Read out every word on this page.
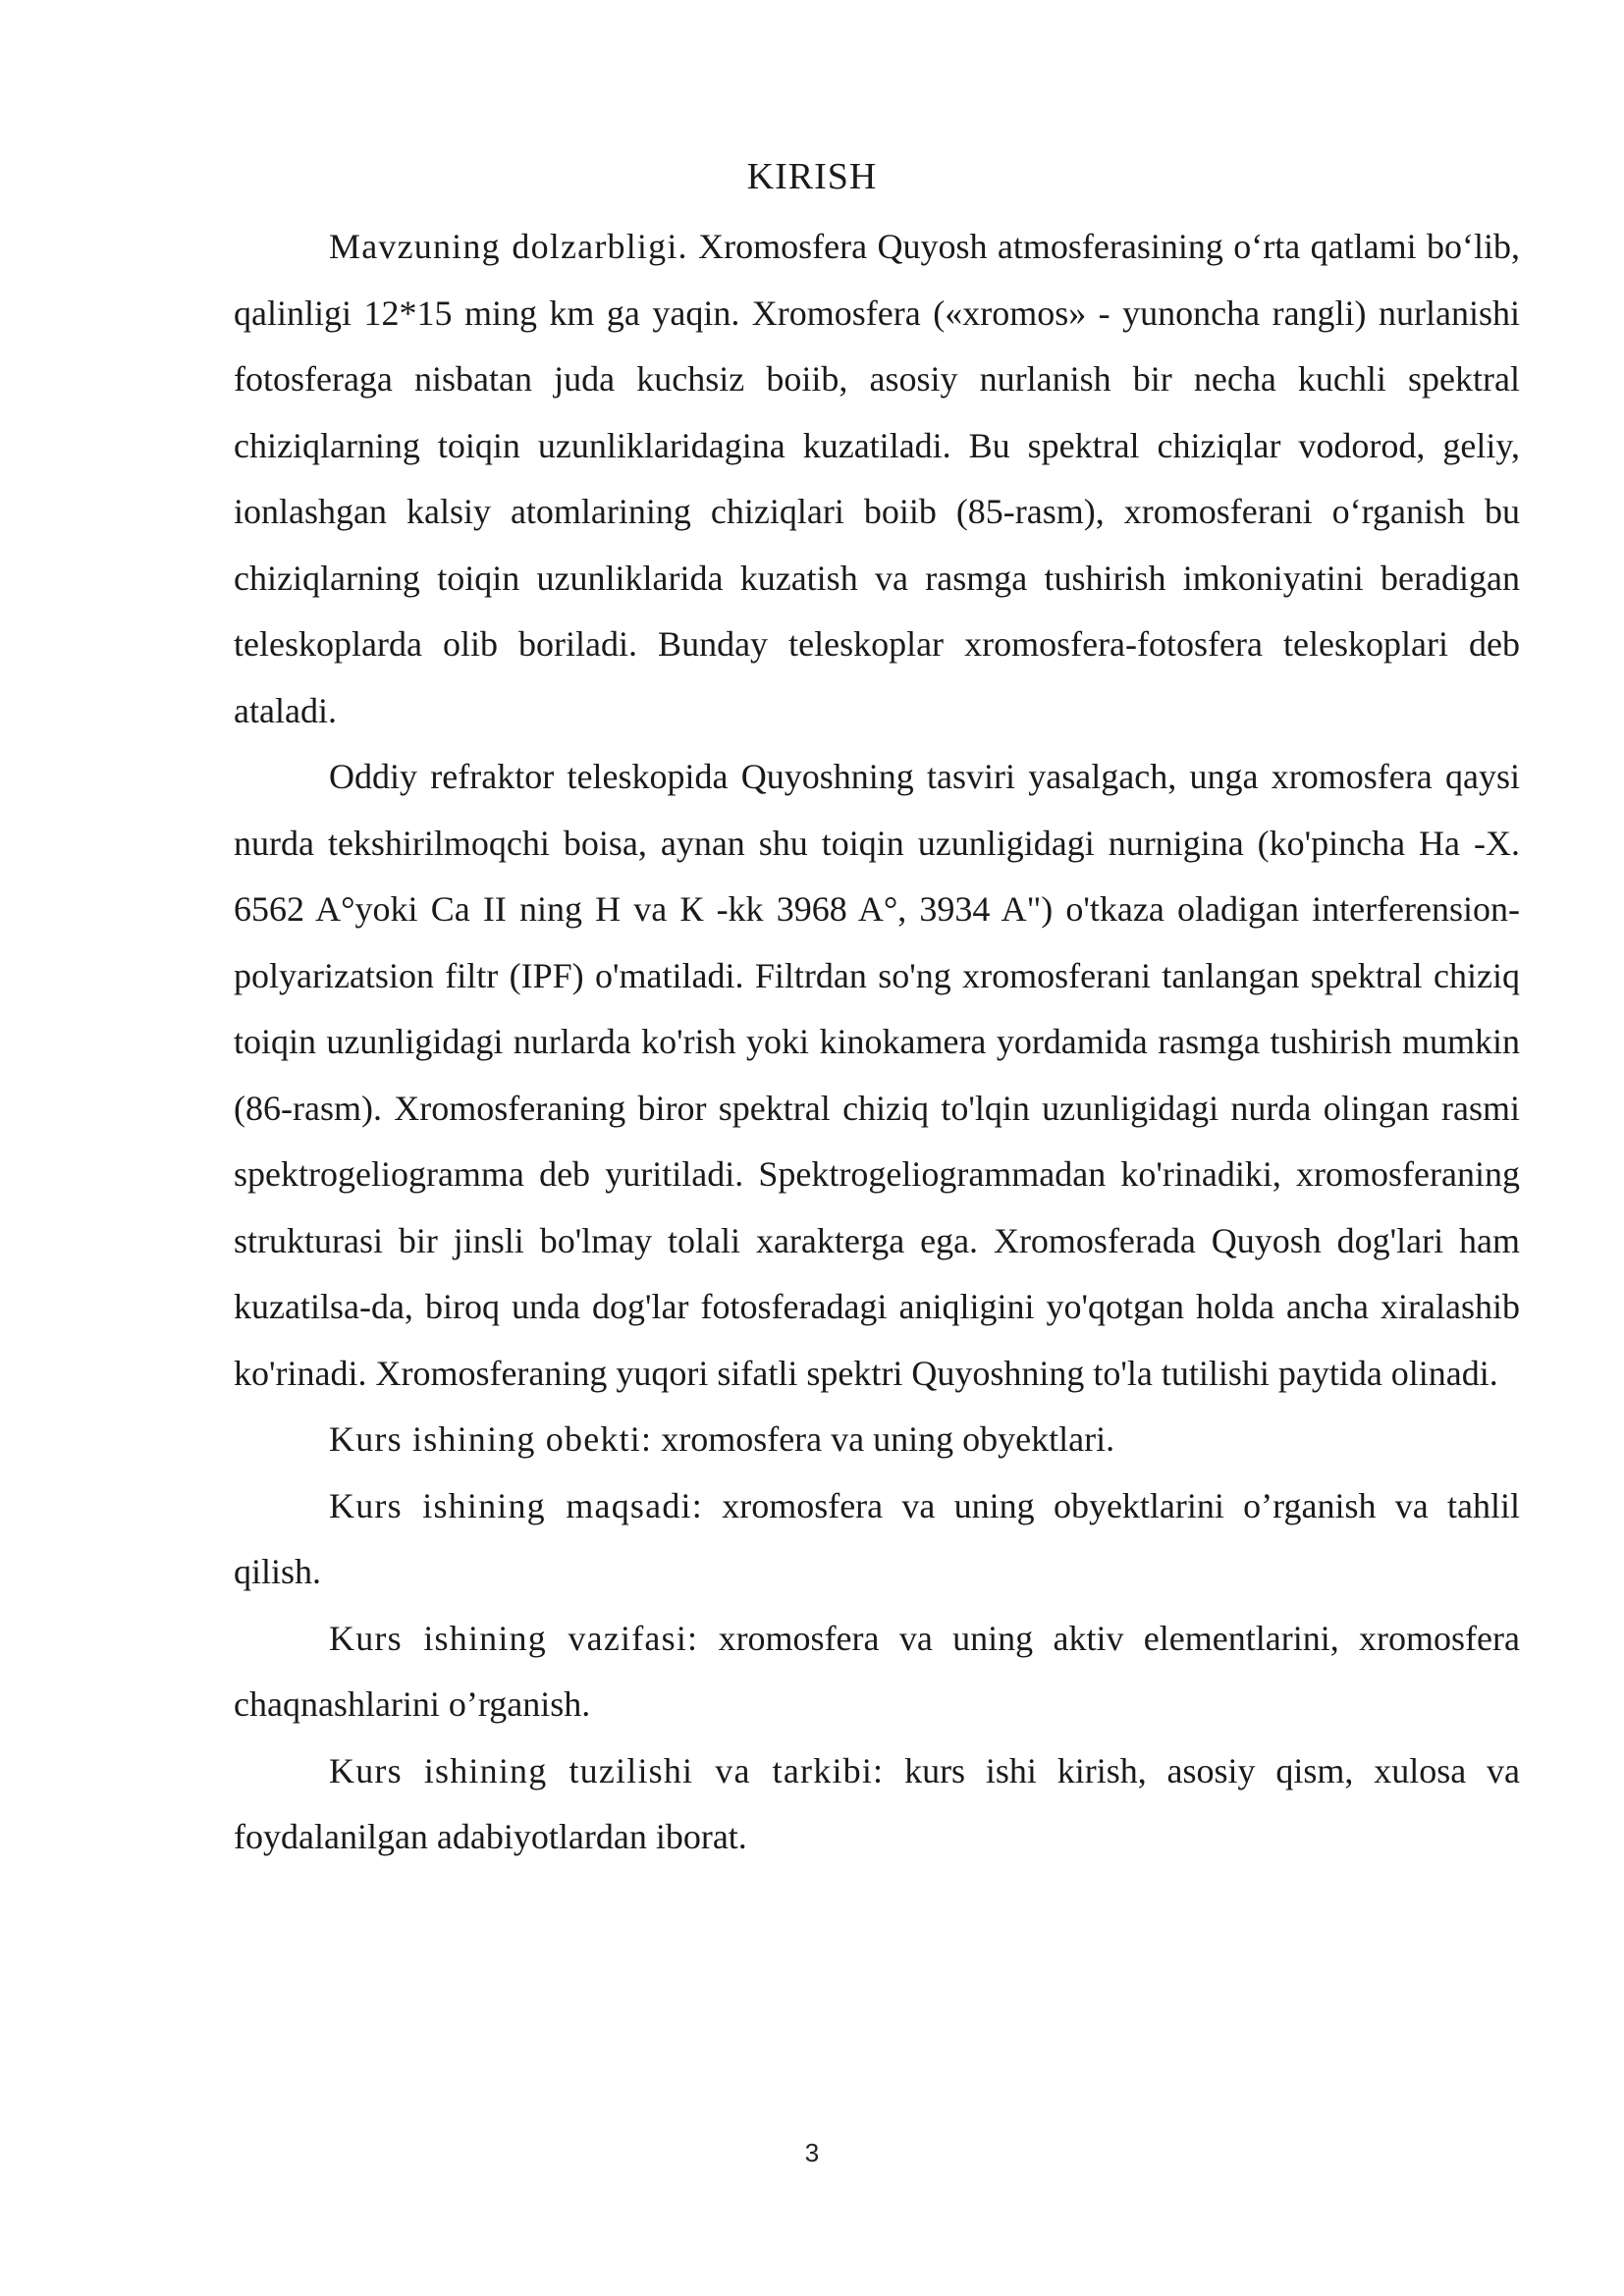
KIRISH

Mavzuning dolzarbligi. Xromosfera Quyosh atmosferasining o‘rta qatlami bo‘lib, qalinligi 12*15 ming km ga yaqin. Xromosfera («xromos» - yunoncha rangli) nurlanishi fotosferaga nisbatan juda kuchsiz boiib, asosiy nurlanish bir necha kuchli spektral chiziqlarning toiqin uzunliklaridagina kuzatiladi. Bu spektral chiziqlar vodorod, geliy, ionlashgan kalsiy atomlarining chiziqlari boiib (85-rasm), xromosferani o‘rganish bu chiziqlarning toiqin uzunliklarida kuzatish va rasmga tushirish imkoniyatini beradigan teleskoplarda olib boriladi. Bunday teleskoplar xromosfera-fotosfera teleskoplari deb ataladi.

Oddiy refraktor teleskopida Quyoshning tasviri yasalgach, unga xromosfera qaysi nurda tekshirilmoqchi boisa, aynan shu toiqin uzunligidagi nurnigina (ko'pincha Ha -X. 6562 A°yoki Ca II ning H va К -kk 3968 A°, 3934 A") o'tkaza oladigan interferension-polyarizatsion filtr (IPF) o'matiladi. Filtrdan so'ng xromosferani tanlangan spektral chiziq toiqin uzunligidagi nurlarda ko'rish yoki kinokamera yordamida rasmga tushirish mumkin (86-rasm). Xromosferaning biror spektral chiziq to'lqin uzunligidagi nurda olingan rasmi spektrogeliogramma deb yuritiladi. Spektrogeliogrammadan ko'rinadiki, xromosferaning strukturasi bir jinsli bo'lmay tolali xarakterga ega. Xromosferada Quyosh dog'lari ham kuzatilsa-da, biroq unda dog'lar fotosferadagi aniqligini yo'qotgan holda ancha xiralashib ko'rinadi. Xromosferaning yuqori sifatli spektri Quyoshning to'la tutilishi paytida olinadi.

Kurs ishining obekti: xromosfera va uning obyektlari.

Kurs ishining maqsadi: xromosfera va uning obyektlarini o’rganish va tahlil qilish.

Kurs ishining vazifasi: xromosfera va uning aktiv elementlarini, xromosfera chaqnashlarini o’rganish.

Kurs ishining tuzilishi va tarkibi: kurs ishi kirish, asosiy qism, xulosa va foydalanilgan adabiyotlardan iborat.

3
